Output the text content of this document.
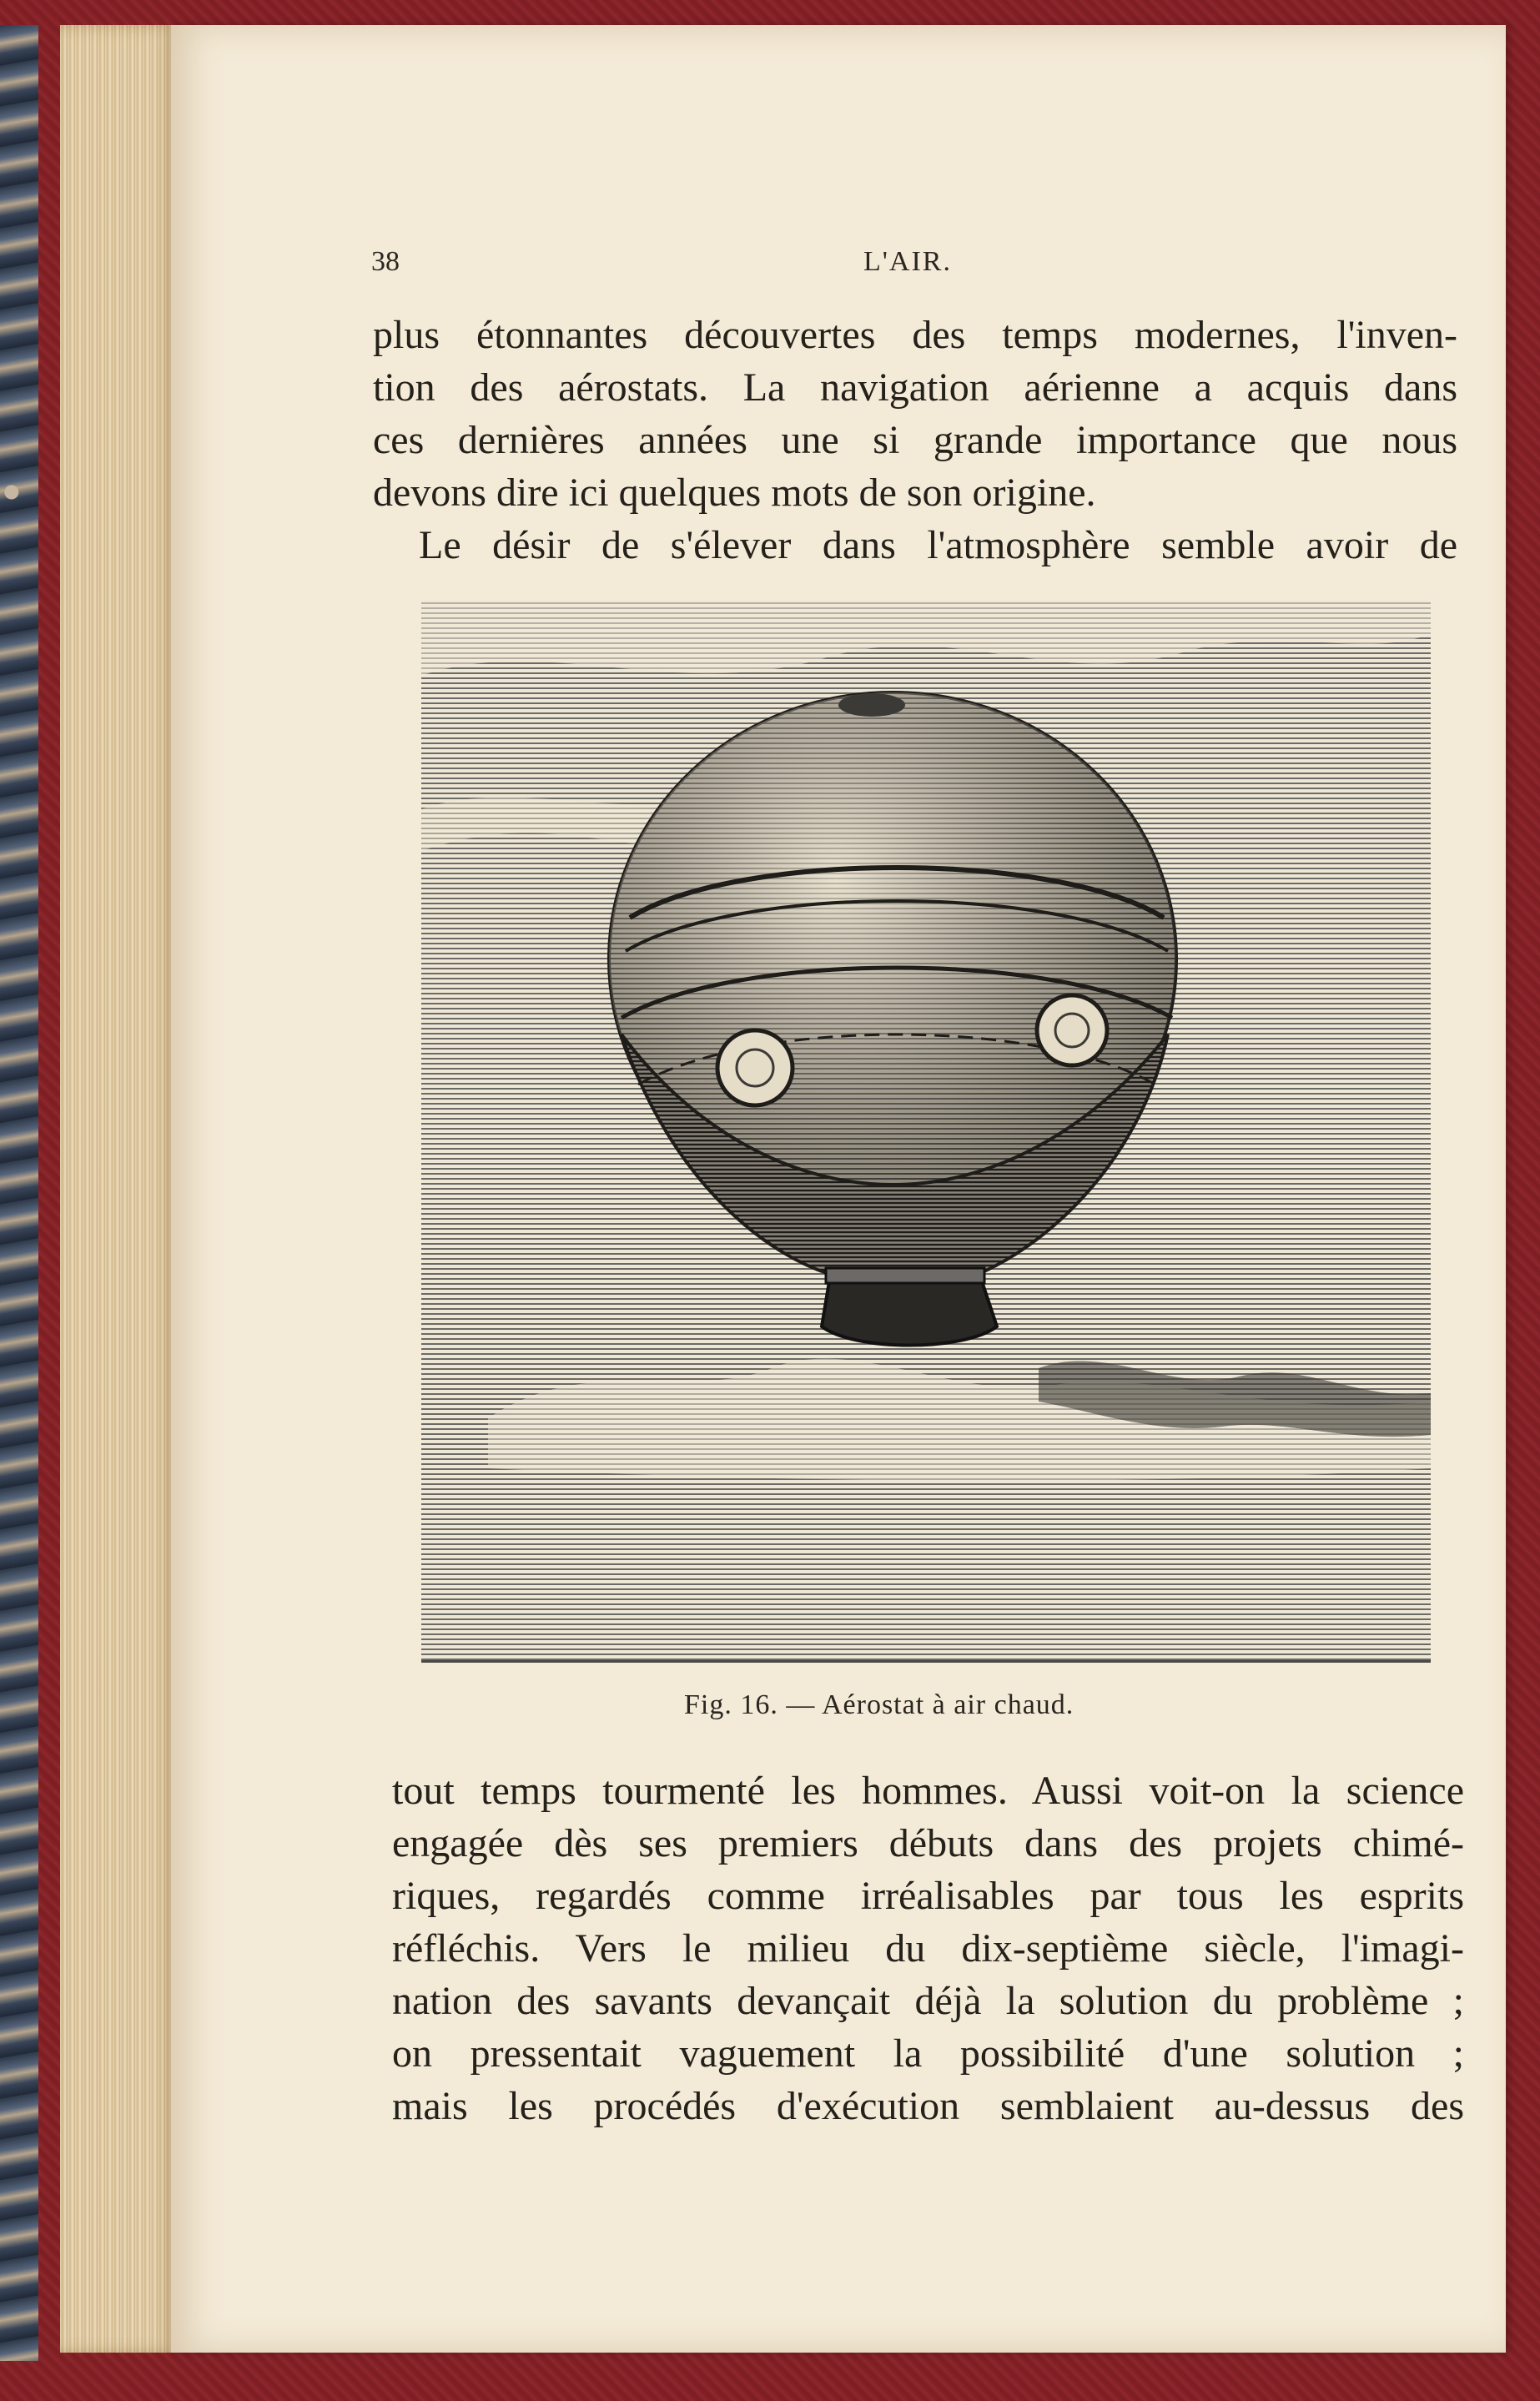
38	L'AIR.

plus étonnantes découvertes des temps modernes, l'inven-
tion des aérostats. La navigation aérienne a acquis dans
ces dernières années une si grande importance que nous
devons dire ici quelques mots de son origine.

Le désir de s'élever dans l'atmosphère semble avoir de

Fig. 16. — Aérostat à air chaud.

tout temps tourmenté les hommes. Aussi voit-on la science
engagée dès ses premiers débuts dans des projets chimé-
riques, regardés comme irréalisables par tous les esprits
réfléchis. Vers le milieu du dix-septième siècle, l'imagi-
nation des savants devançait déjà la solution du problème ;
on pressentait vaguement la possibilité d'une solution ;
mais les procédés d'exécution semblaient au-dessus des
